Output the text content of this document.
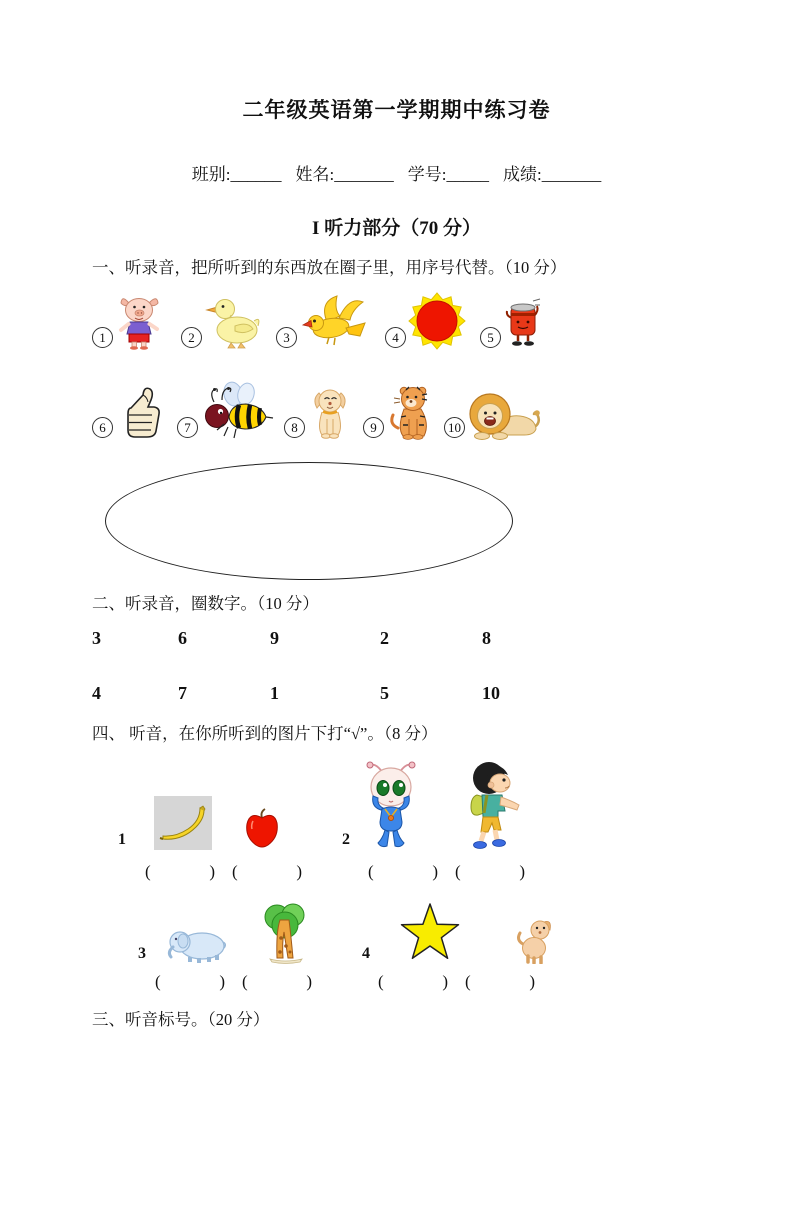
二年级英语第一学期期中练习卷
班别:______ 姓名:_______ 学号:_____ 成绩:_______
I 听力部分（70 分）
一、听录音，把所听到的东西放在圈子里，用序号代替。（10 分）
1	2	3	4	5
6	7	8	9	10
二、听录音，圈数字。（10 分）
3	6	9	2	8
4	7	1	5	10
四、 听音，在你所听到的图片下打“√”。（8 分）
1	2
(	) (	)	(	) (	)
3	4
(	) (	)	(	) (	)
三、听音标号。（20 分）
